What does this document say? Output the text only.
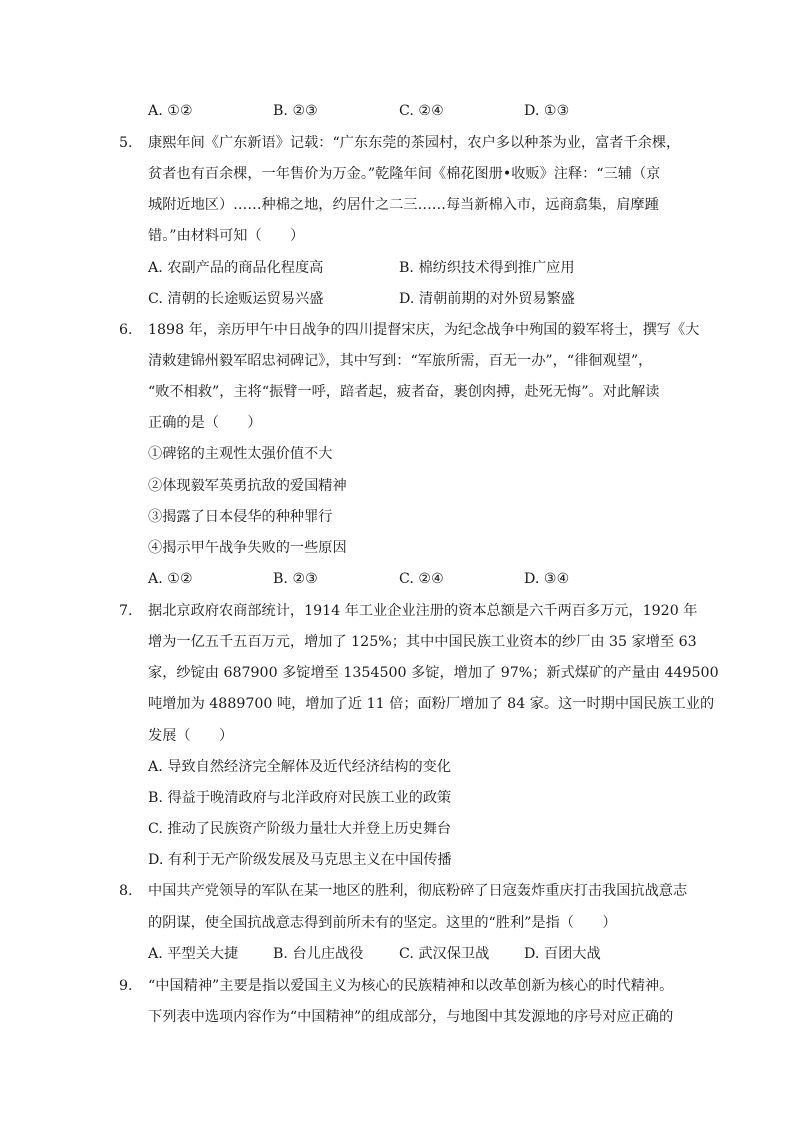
A. ①②	B. ②③	C. ②④	D. ①③
5. 康熙年间《广东新语》记载：“广东东莞的茶园村，农户多以种茶为业，富者千余棵，
贫者也有百余棵，一年售价为万金。”乾隆年间《棉花图册•收贩》注释：“三辅（京
城附近地区）……种棉之地，约居什之二三……每当新棉入市，远商翕集，肩摩踵
错。”由材料可知（　　）
A. 农副产品的商品化程度高	B. 棉纺织技术得到推广应用
C. 清朝的长途贩运贸易兴盛	D. 清朝前期的对外贸易繁盛
6. 1898 年，亲历甲午中日战争的四川提督宋庆，为纪念战争中殉国的毅军将士，撰写《大
清敕建锦州毅军昭忠祠碑记》，其中写到：“军旅所需，百无一办”，“徘徊观望”，
“败不相救”，主将“振臂一呼，踣者起，疲者奋，裹创肉搏，赴死无悔”。对此解读
正确的是（　　）
①碑铭的主观性太强价值不大
②体现毅军英勇抗敌的爱国精神
③揭露了日本侵华的种种罪行
④揭示甲午战争失败的一些原因
A. ①②	B. ②③	C. ②④	D. ③④
7. 据北京政府农商部统计，1914 年工业企业注册的资本总额是六千两百多万元，1920 年
增为一亿五千五百万元，增加了 125%；其中中国民族工业资本的纱厂由 35 家增至 63
家，纱锭由 687900 多锭增至 1354500 多锭，增加了 97%；新式煤矿的产量由 449500
吨增加为 4889700 吨，增加了近 11 倍；面粉厂增加了 84 家。这一时期中国民族工业的
发展（　　）
A. 导致自然经济完全解体及近代经济结构的变化
B. 得益于晚清政府与北洋政府对民族工业的政策
C. 推动了民族资产阶级力量壮大并登上历史舞台
D. 有利于无产阶级发展及马克思主义在中国传播
8. 中国共产党领导的军队在某一地区的胜利，彻底粉碎了日寇轰炸重庆打击我国抗战意志
的阴谋，使全国抗战意志得到前所未有的坚定。这里的“胜利”是指（　　）
A. 平型关大捷 B. 台儿庄战役	C. 武汉保卫战 D. 百团大战
9. “中国精神”主要是指以爱国主义为核心的民族精神和以改革创新为核心的时代精神。
下列表中选项内容作为“中国精神”的组成部分，与地图中其发源地的序号对应正确的
